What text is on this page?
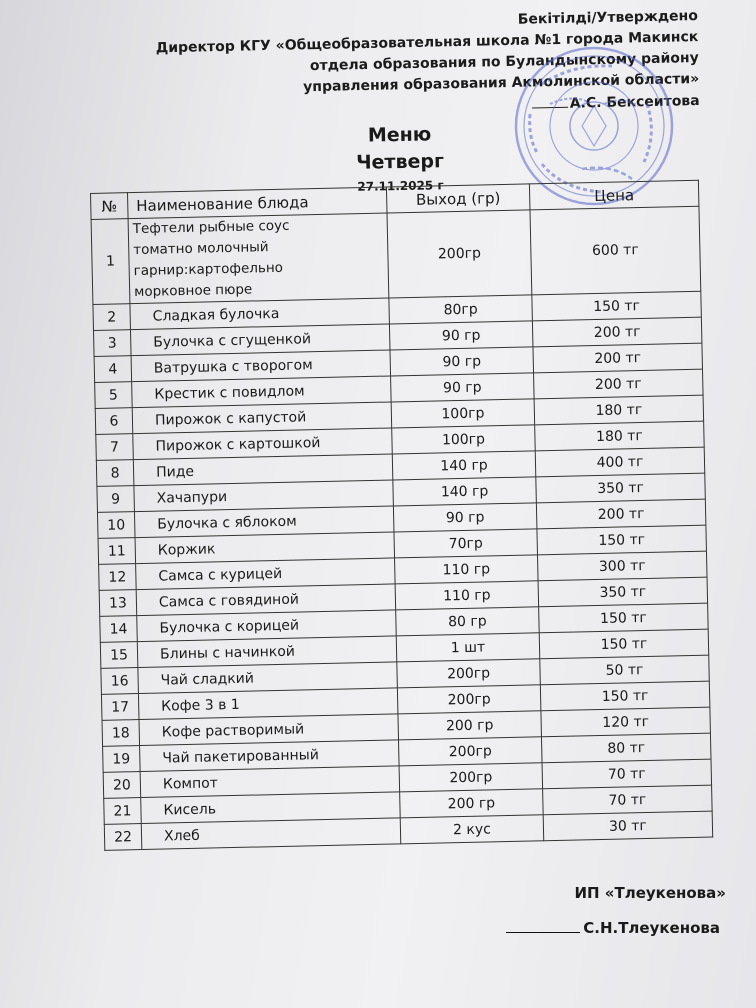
Бекітілді/Утверждено
Директор КГУ «Общеобразовательная школа №1 города Макинск
отдела образования по Буландынскому району
управления образования Акмолинской области»
А.С. Бексеитова
Меню
Четверг
27.11.2025 г
№	Наименование блюда	Выход (гр)	Цена
1	Тефтели рыбные соус
томатно молочный
гарнир:картофельно
морковное пюре	200гр	600 тг
2	Сладкая булочка	80гр	150 тг
3	Булочка с сгущенкой	90 гр	200 тг
4	Ватрушка с творогом	90 гр	200 тг
5	Крестик с повидлом	90 гр	200 тг
6	Пирожок с капустой	100гр	180 тг
7	Пирожок с картошкой	100гр	180 тг
8	Пиде	140 гр	400 тг
9	Хачапури	140 гр	350 тг
10	Булочка с яблоком	90 гр	200 тг
11	Коржик	70гр	150 тг
12	Самса с курицей	110 гр	300 тг
13	Самса с говядиной	110 гр	350 тг
14	Булочка с корицей	80 гр	150 тг
15	Блины с начинкой	1 шт	150 тг
16	Чай сладкий	200гр	50 тг
17	Кофе 3 в 1	200гр	150 тг
18	Кофе растворимый	200 гр	120 тг
19	Чай пакетированный	200гр	80 тг
20	Компот	200гр	70 тг
21	Кисель	200 гр	70 тг
22	Хлеб	2 кус	30 тг
ИП «Тлеукенова»
С.Н.Тлеукенова
